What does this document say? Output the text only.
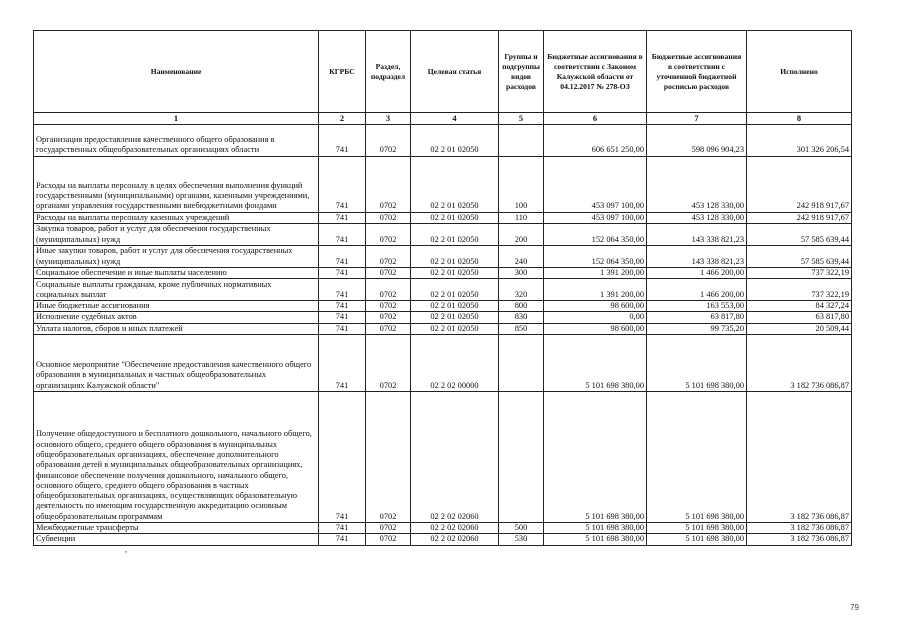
Наименование	КГРБС	Раздел, подраздел	Целевая статья	Группы и подгруппы видов расходов	Бюджетные ассигнования в соответствии с Законом Калужской области от 04.12.2017 № 278-ОЗ	Бюджетные ассигнования в соответствии с уточненной бюджетной росписью расходов	Исполнено
1	2	3	4	5	6	7	8
Организация предоставления качественного общего образования в государственных общеобразовательных организациях области	741	0702	02 2 01 02050		606 651 250,00	598 096 904,23	301 326 206,54
Расходы на выплаты персоналу в целях обеспечения выполнения функций государственными (муниципальными) органами, казенными учреждениями, органами управления государственными внебюджетными фондами	741	0702	02 2 01 02050	100	453 097 100,00	453 128 330,00	242 918 917,67
Расходы на выплаты персоналу казенных учреждений	741	0702	02 2 01 02050	110	453 097 100,00	453 128 330,00	242 918 917,67
Закупка товаров, работ и услуг для обеспечения государственных (муниципальных) нужд	741	0702	02 2 01 02050	200	152 064 350,00	143 338 821,23	57 585 639,44
Иные закупки товаров, работ и услуг для обеспечения государственных (муниципальных) нужд	741	0702	02 2 01 02050	240	152 064 350,00	143 338 821,23	57 585 639,44
Социальное обеспечение и иные выплаты населению	741	0702	02 2 01 02050	300	1 391 200,00	1 466 200,00	737 322,19
Социальные выплаты гражданам, кроме публичных нормативных социальных выплат	741	0702	02 2 01 02050	320	1 391 200,00	1 466 200,00	737 322,19
Иные бюджетные ассигнования	741	0702	02 2 01 02050	800	98 600,00	163 553,00	84 327,24
Исполнение судебных актов	741	0702	02 2 01 02050	830	0,00	63 817,80	63 817,80
Уплата налогов, сборов и иных платежей	741	0702	02 2 01 02050	850	98 600,00	99 735,20	20 509,44
Основное мероприятие "Обеспечение предоставления качественного общего образования в муниципальных и частных общеобразовательных организациях Калужской области"	741	0702	02 2 02 00000		5 101 698 380,00	5 101 698 380,00	3 182 736 086,87
Получение общедоступного и бесплатного дошкольного, начального общего, основного общего, среднего общего образования в муниципальных общеобразовательных организациях, обеспечение дополнительного образования детей в муниципальных общеобразовательных организациях, финансовое обеспечение получения дошкольного, начального общего, основного общего, среднего общего образования в частных общеобразовательных организациях, осуществляющих образовательную деятельность по имеющим государственную аккредитацию основным общеобразовательным программам	741	0702	02 2 02 02060		5 101 698 380,00	5 101 698 380,00	3 182 736 086,87
Межбюджетные трансферты	741	0702	02 2 02 02060	500	5 101 698 380,00	5 101 698 380,00	3 182 736 086,87
Субвенции	741	0702	02 2 02 02060	530	5 101 698 380,00	5 101 698 380,00	3 182 736 086,87
,
79
